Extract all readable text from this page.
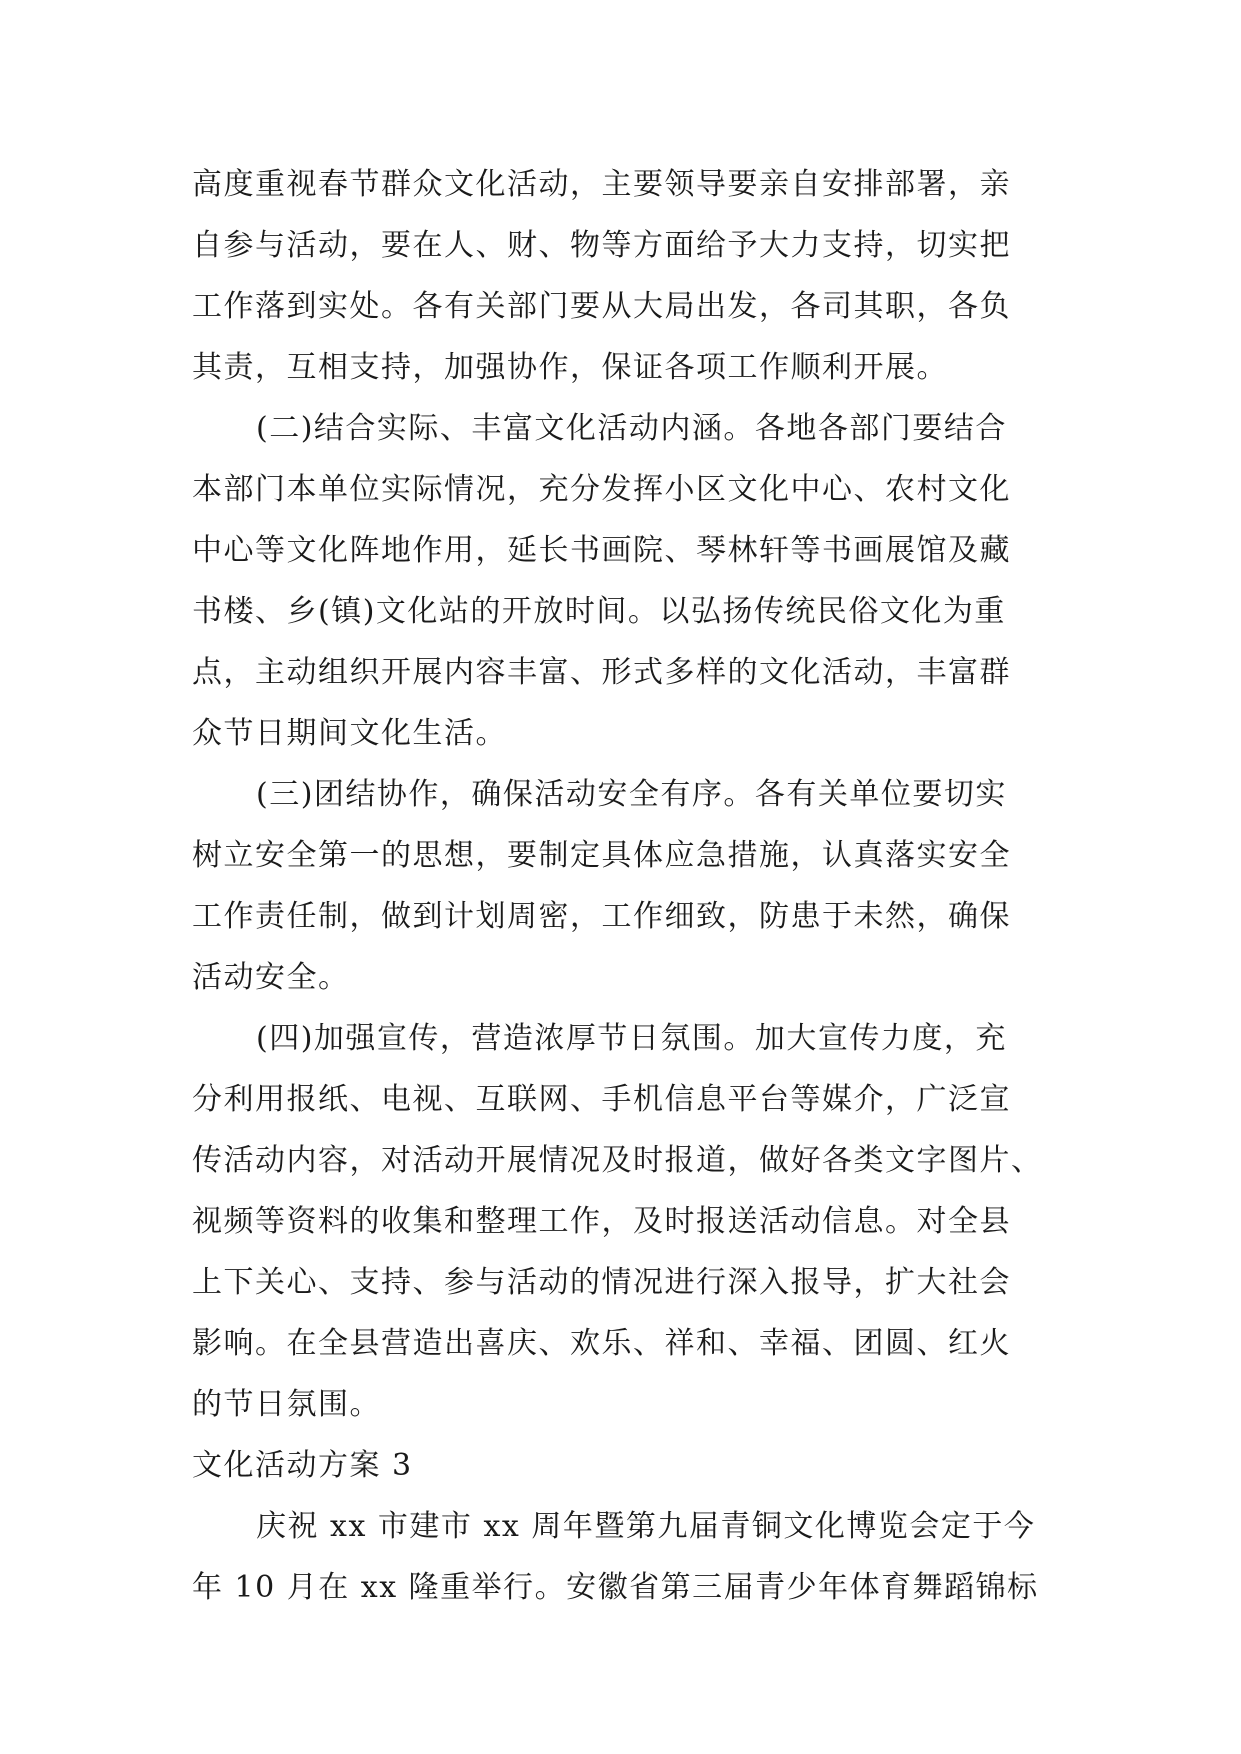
高度重视春节群众文化活动，主要领导要亲自安排部署，亲
自参与活动，要在人、财、物等方面给予大力支持，切实把
工作落到实处。各有关部门要从大局出发，各司其职，各负
其责，互相支持，加强协作，保证各项工作顺利开展。
(二)结合实际、丰富文化活动内涵。各地各部门要结合
本部门本单位实际情况，充分发挥小区文化中心、农村文化
中心等文化阵地作用，延长书画院、琴林轩等书画展馆及藏
书楼、乡(镇)文化站的开放时间。以弘扬传统民俗文化为重
点，主动组织开展内容丰富、形式多样的文化活动，丰富群
众节日期间文化生活。
(三)团结协作，确保活动安全有序。各有关单位要切实
树立安全第一的思想，要制定具体应急措施，认真落实安全
工作责任制，做到计划周密，工作细致，防患于未然，确保
活动安全。
(四)加强宣传，营造浓厚节日氛围。加大宣传力度，充
分利用报纸、电视、互联网、手机信息平台等媒介，广泛宣
传活动内容，对活动开展情况及时报道，做好各类文字图片、
视频等资料的收集和整理工作，及时报送活动信息。对全县
上下关心、支持、参与活动的情况进行深入报导，扩大社会
影响。在全县营造出喜庆、欢乐、祥和、幸福、团圆、红火
的节日氛围。
文化活动方案 3
庆祝 xx 市建市 xx 周年暨第九届青铜文化博览会定于今
年 10 月在 xx 隆重举行。安徽省第三届青少年体育舞蹈锦标
